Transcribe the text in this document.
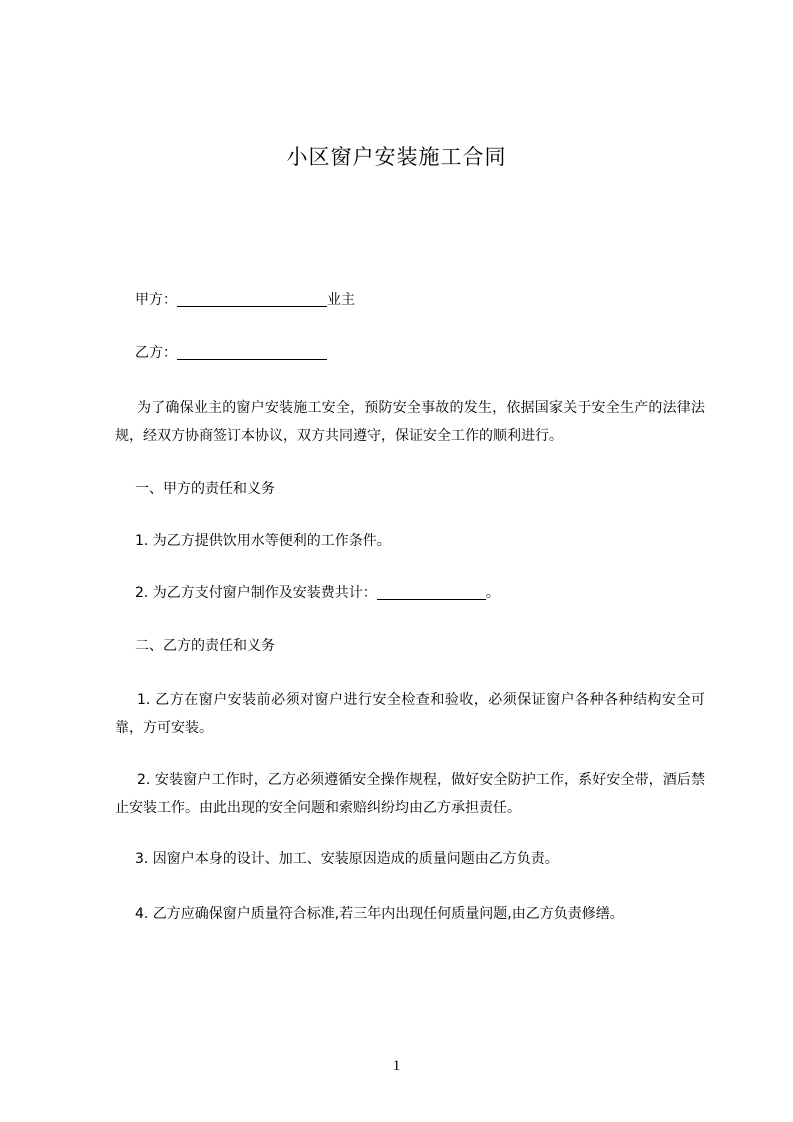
小区窗户安装施工合同
甲方：	业主
乙方：
为了确保业主的窗户安装施工安全，预防安全事故的发生，依据国家关于安全生产的法律法规，经双方协商签订本协议，双方共同遵守，保证安全工作的顺利进行。
一、甲方的责任和义务
1. 为乙方提供饮用水等便利的工作条件。
2. 为乙方支付窗户制作及安装费共计：	。
二、乙方的责任和义务
1. 乙方在窗户安装前必须对窗户进行安全检查和验收，必须保证窗户各种各种结构安全可靠，方可安装。
2. 安装窗户工作时，乙方必须遵循安全操作规程，做好安全防护工作，系好安全带，酒后禁止安装工作。由此出现的安全问题和索赔纠纷均由乙方承担责任。
3. 因窗户本身的设计、加工、安装原因造成的质量问题由乙方负责。
4. 乙方应确保窗户质量符合标准,若三年内出现任何质量问题,由乙方负责修缮。
1
